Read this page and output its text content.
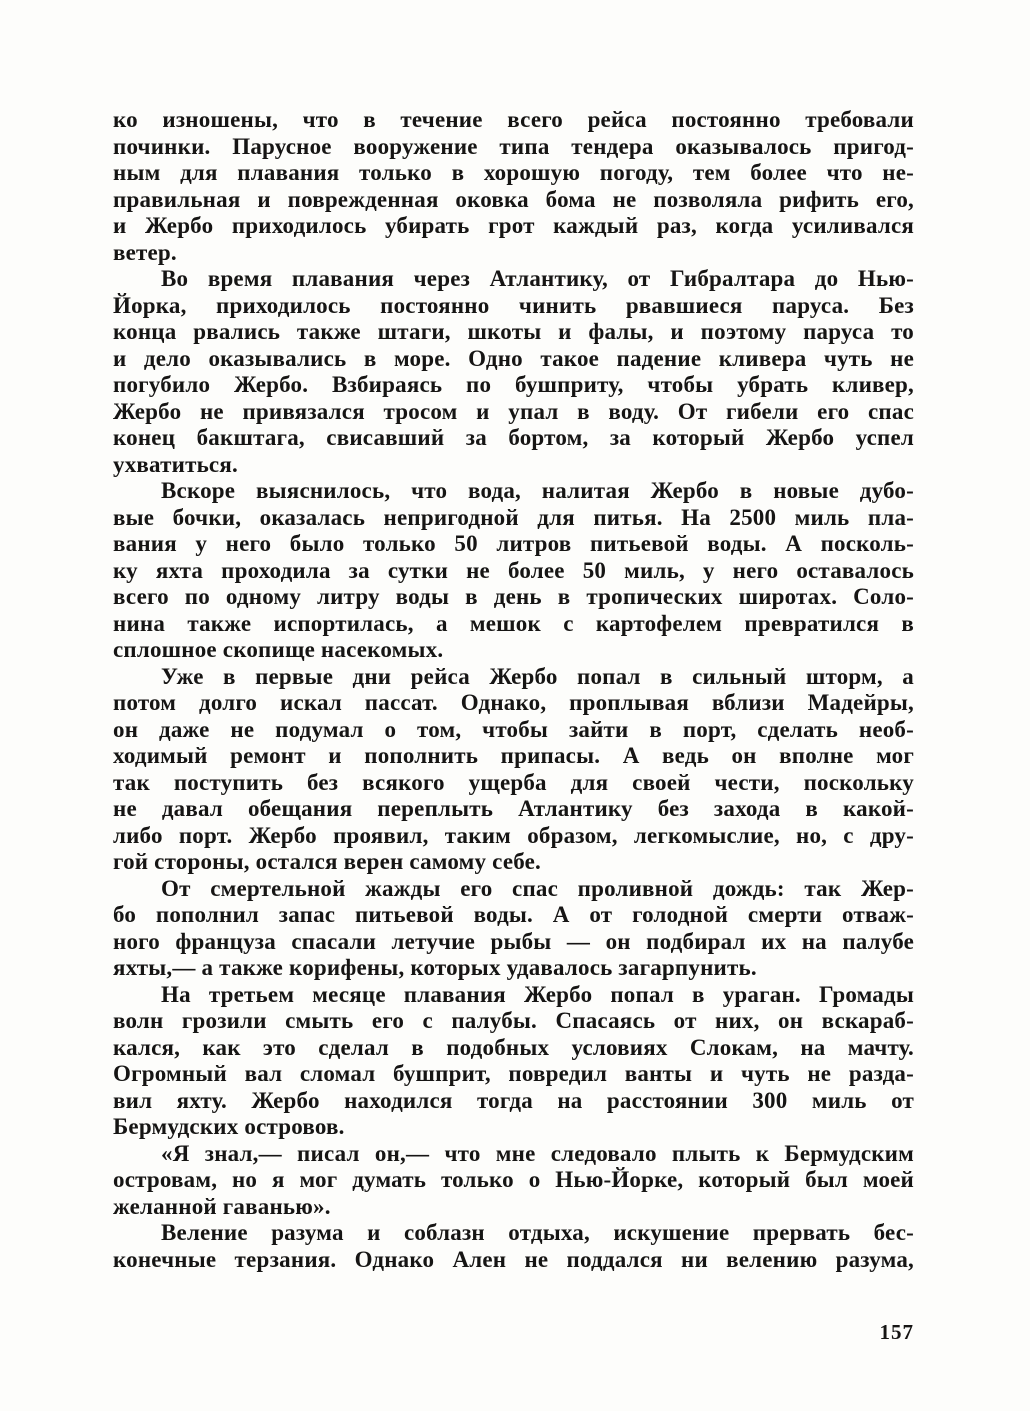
ко изношены, что в течение всего рейса постоянно требовали
починки. Парусное вооружение типа тендера оказывалось пригод-
ным для плавания только в хорошую погоду, тем более что не-
правильная и поврежденная оковка бома не позволяла рифить его,
и Жербо приходилось убирать грот каждый раз, когда усиливался
ветер.
Во время плавания через Атлантику, от Гибралтара до Нью-
Йорка, приходилось постоянно чинить рвавшиеся паруса. Без
конца рвались также штаги, шкоты и фалы, и поэтому паруса то
и дело оказывались в море. Одно такое падение кливера чуть не
погубило Жербо. Взбираясь по бушприту, чтобы убрать кливер,
Жербо не привязался тросом и упал в воду. От гибели его спас
конец бакштага, свисавший за бортом, за который Жербо успел
ухватиться.
Вскоре выяснилось, что вода, налитая Жербо в новые дубо-
вые бочки, оказалась непригодной для питья. На 2500 миль пла-
вания у него было только 50 литров питьевой воды. А посколь-
ку яхта проходила за сутки не более 50 миль, у него оставалось
всего по одному литру воды в день в тропических широтах. Соло-
нина также испортилась, а мешок с картофелем превратился в
сплошное скопище насекомых.
Уже в первые дни рейса Жербо попал в сильный шторм, а
потом долго искал пассат. Однако, проплывая вблизи Мадейры,
он даже не подумал о том, чтобы зайти в порт, сделать необ-
ходимый ремонт и пополнить припасы. А ведь он вполне мог
так поступить без всякого ущерба для своей чести, поскольку
не давал обещания переплыть Атлантику без захода в какой-
либо порт. Жербо проявил, таким образом, легкомыслие, но, с дру-
гой стороны, остался верен самому себе.
От смертельной жажды его спас проливной дождь: так Жер-
бо пополнил запас питьевой воды. А от голодной смерти отваж-
ного француза спасали летучие рыбы — он подбирал их на палубе
яхты,— а также корифены, которых удавалось загарпунить.
На третьем месяце плавания Жербо попал в ураган. Громады
волн грозили смыть его с палубы. Спасаясь от них, он вскараб-
кался, как это сделал в подобных условиях Слокам, на мачту.
Огромный вал сломал бушприт, повредил ванты и чуть не разда-
вил яхту. Жербо находился тогда на расстоянии 300 миль от
Бермудских островов.
«Я знал,— писал он,— что мне следовало плыть к Бермудским
островам, но я мог думать только о Нью-Йорке, который был моей
желанной гаванью».
Веление разума и соблазн отдыха, искушение прервать бес-
конечные терзания. Однако Ален не поддался ни велению разума,
157
